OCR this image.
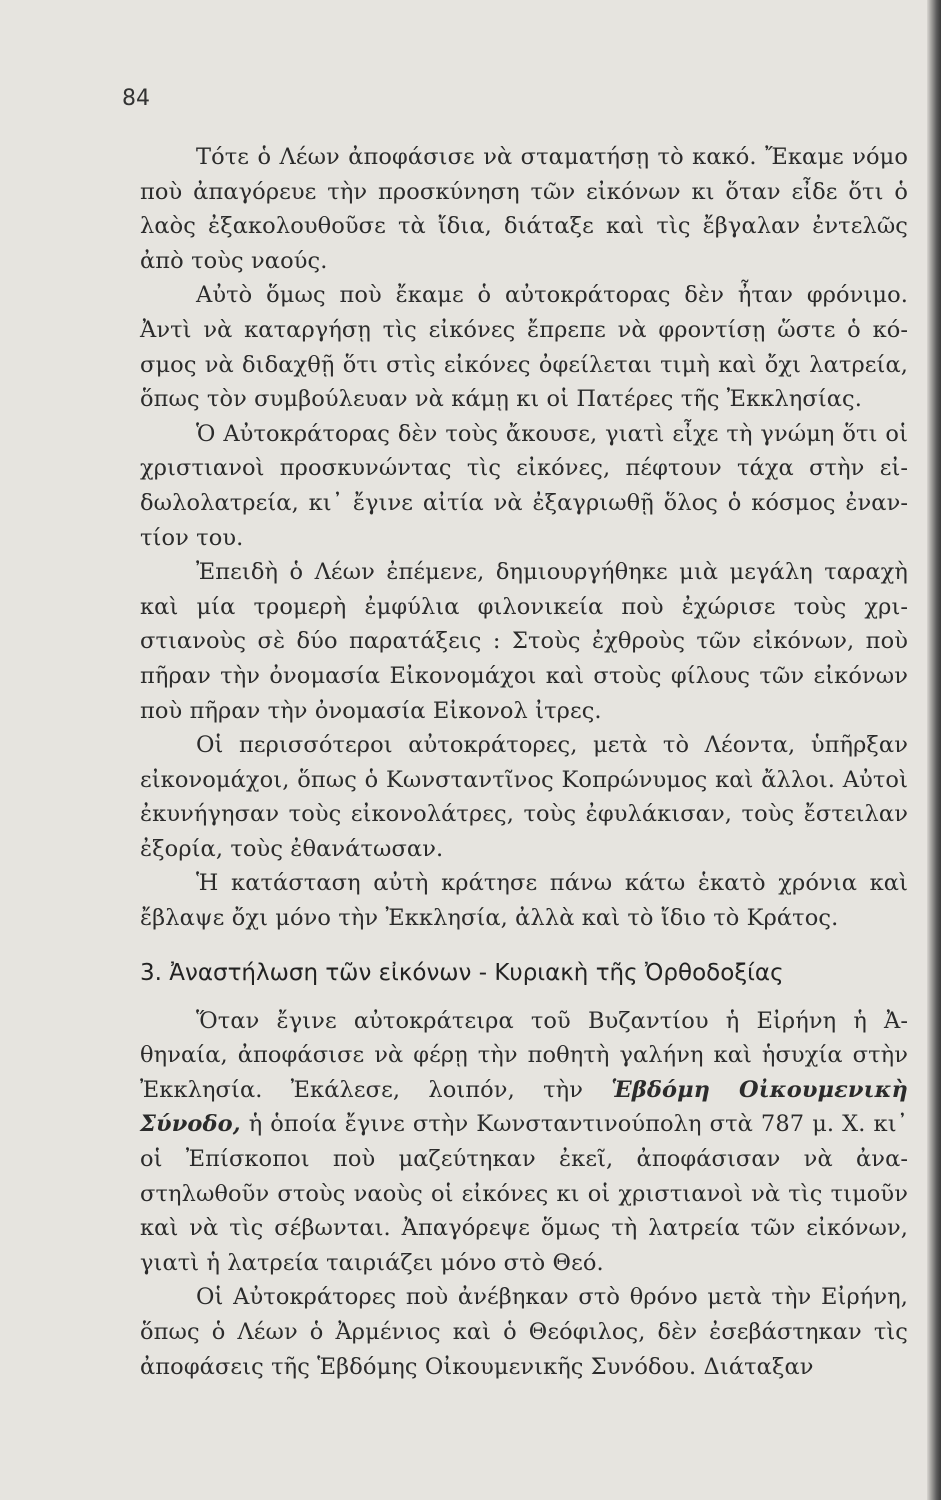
84

Τότε ὁ Λέων ἀποφάσισε νὰ σταματήσῃ τὸ κακό. Ἔκαμε νόμο ποὺ ἀπαγόρευε τὴν προσκύνηση τῶν εἰκόνων κι ὅταν εἶδε ὅτι ὁ λαὸς ἐξακολουθοῦσε τὰ ἴδια, διάταξε καὶ τὶς ἔβγαλαν ἐντελῶς ἀπὸ τοὺς ναούς.

Αὐτὸ ὅμως ποὺ ἔκαμε ὁ αὐτοκράτορας δὲν ἦταν φρόνιμο. Ἀντὶ νὰ καταργήσῃ τὶς εἰκόνες ἔπρεπε νὰ φροντίσῃ ὥστε ὁ κόσμος νὰ διδαχθῇ ὅτι στὶς εἰκόνες ὀφείλεται τιμὴ καὶ ὄχι λατρεία, ὅπως τὸν συμβούλευαν νὰ κάμῃ κι οἱ Πατέρες τῆς Ἐκκλησίας.

Ὁ Αὐτοκράτορας δὲν τοὺς ἄκουσε, γιατὶ εἶχε τὴ γνώμη ὅτι οἱ χριστιανοὶ προσκυνώντας τὶς εἰκόνες, πέφτουν τάχα στὴν εἰδωλολατρεία, κι᾿ ἔγινε αἰτία νὰ ἐξαγριωθῇ ὅλος ὁ κόσμος ἐναντίον του.

Ἐπειδὴ ὁ Λέων ἐπέμενε, δημιουργήθηκε μιὰ μεγάλη ταραχὴ καὶ μία τρομερὴ ἐμφύλια φιλονικεία ποὺ ἐχώρισε τοὺς χριστιανοὺς σὲ δύο παρατάξεις : Στοὺς ἐχθροὺς τῶν εἰκόνων, ποὺ πῆραν τὴν ὀνομασία Εἰκονομάχοι καὶ στοὺς φίλους τῶν εἰκόνων ποὺ πῆραν τὴν ὀνομασία Εἰκονολ ἰτρες.

Οἱ περισσότεροι αὐτοκράτορες, μετὰ τὸ Λέοντα, ὑπῆρξαν εἰκονομάχοι, ὅπως ὁ Κωνσταντῖνος Κοπρώνυμος καὶ ἄλλοι. Αὐτοὶ ἐκυνήγησαν τοὺς εἰκονολάτρες, τοὺς ἐφυλάκισαν, τοὺς ἔστειλαν ἐξορία, τοὺς ἐθανάτωσαν.

Ἡ κατάσταση αὐτὴ κράτησε πάνω κάτω ἑκατὸ χρόνια καὶ ἔβλαψε ὄχι μόνο τὴν Ἐκκλησία, ἀλλὰ καὶ τὸ ἴδιο τὸ Κράτος.

3. Ἀναστήλωση τῶν εἰκόνων - Κυριακὴ τῆς Ὀρθοδοξίας

Ὅταν ἔγινε αὐτοκράτειρα τοῦ Βυζαντίου ἡ Εἰρήνη ἡ Ἀθηναία, ἀποφάσισε νὰ φέρῃ τὴν ποθητὴ γαλήνη καὶ ἡσυχία στὴν Ἐκκλησία. Ἐκάλεσε, λοιπόν, τὴν Ἑβδόμη Οἰκουμενικὴ Σύνοδο, ἡ ὁποία ἔγινε στὴν Κωνσταντινούπολη στὰ 787 μ. Χ. κι᾿ οἱ Ἐπίσκοποι ποὺ μαζεύτηκαν ἐκεῖ, ἀποφάσισαν νὰ ἀναστηλωθοῦν στοὺς ναοὺς οἱ εἰκόνες κι οἱ χριστιανοὶ νὰ τὶς τιμοῦν καὶ νὰ τὶς σέβωνται. Ἀπαγόρεψε ὅμως τὴ λατρεία τῶν εἰκόνων, γιατὶ ἡ λατρεία ταιριάζει μόνο στὸ Θεό.

Οἱ Αὐτοκράτορες ποὺ ἀνέβηκαν στὸ θρόνο μετὰ τὴν Εἰρήνη, ὅπως ὁ Λέων ὁ Ἀρμένιος καὶ ὁ Θεόφιλος, δὲν ἐσεβάστηκαν τὶς ἀποφάσεις τῆς Ἑβδόμης Οἰκουμενικῆς Συνόδου. Διάταξαν
